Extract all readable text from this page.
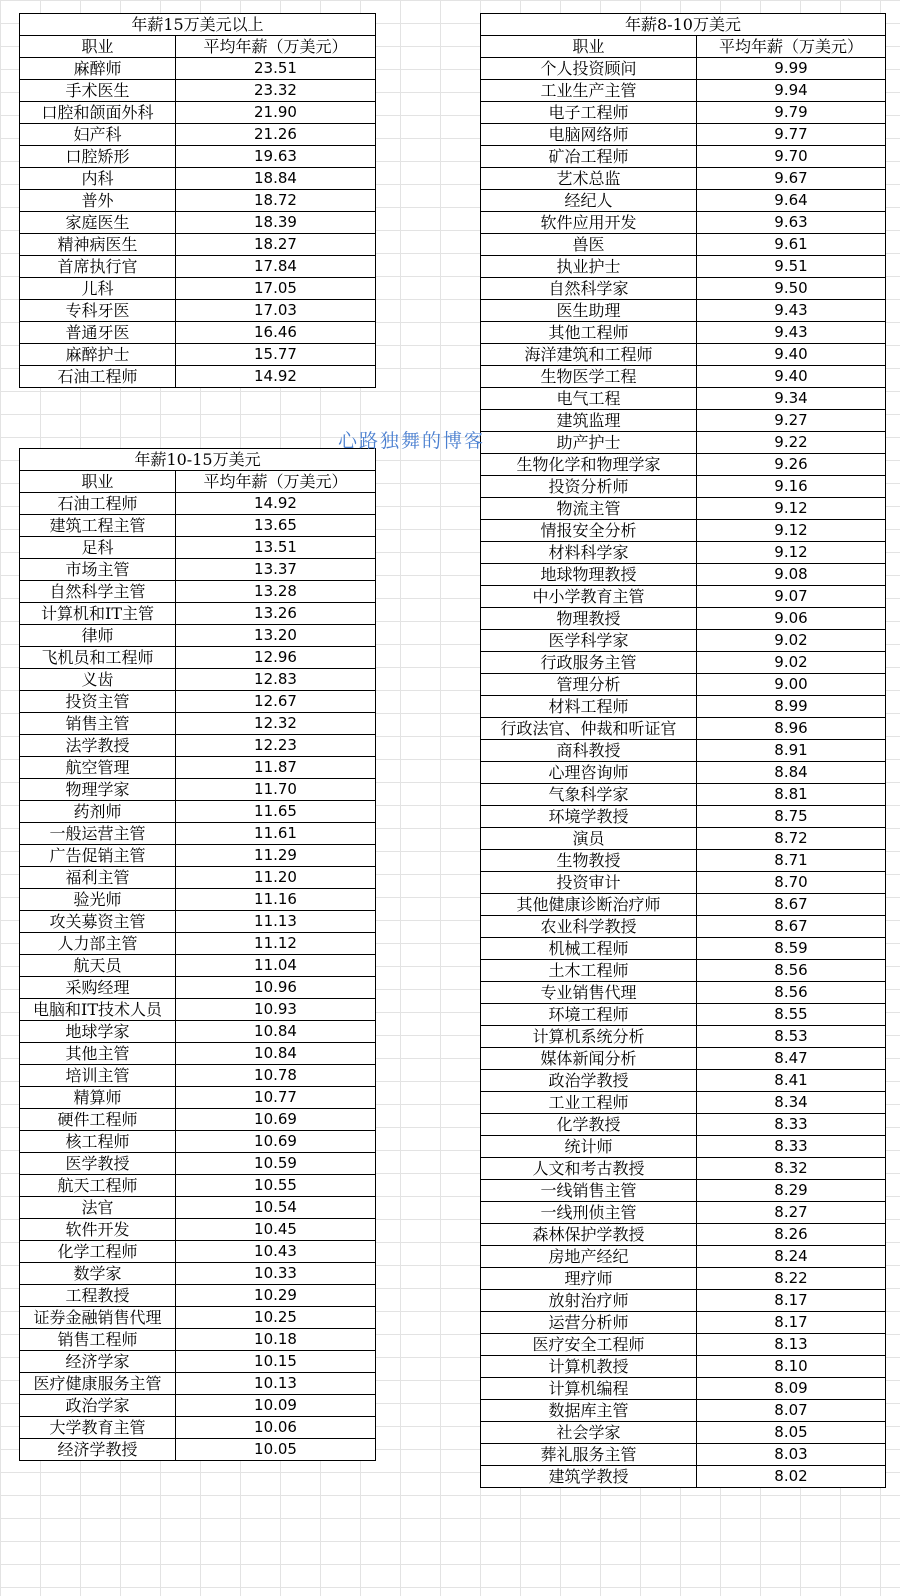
年薪15万美元以上	
职业	平均年薪（万美元）
麻醉师	23.51
手术医生	23.32
口腔和颌面外科	21.90
妇产科	21.26
口腔矫形	19.63
内科	18.84
普外	18.72
家庭医生	18.39
精神病医生	18.27
首席执行官	17.84
儿科	17.05
专科牙医	17.03
普通牙医	16.46
麻醉护士	15.77
石油工程师	14.92
年薪10-15万美元	
职业	平均年薪（万美元）
石油工程师	14.92
建筑工程主管	13.65
足科	13.51
市场主管	13.37
自然科学主管	13.28
计算机和IT主管	13.26
律师	13.20
飞机员和工程师	12.96
义齿	12.83
投资主管	12.67
销售主管	12.32
法学教授	12.23
航空管理	11.87
物理学家	11.70
药剂师	11.65
一般运营主管	11.61
广告促销主管	11.29
福利主管	11.20
验光师	11.16
攻关募资主管	11.13
人力部主管	11.12
航天员	11.04
采购经理	10.96
电脑和IT技术人员	10.93
地球学家	10.84
其他主管	10.84
培训主管	10.78
精算师	10.77
硬件工程师	10.69
核工程师	10.69
医学教授	10.59
航天工程师	10.55
法官	10.54
软件开发	10.45
化学工程师	10.43
数学家	10.33
工程教授	10.29
证券金融销售代理	10.25
销售工程师	10.18
经济学家	10.15
医疗健康服务主管	10.13
政治学家	10.09
大学教育主管	10.06
经济学教授	10.05
年薪8-10万美元	
职业	平均年薪（万美元）
个人投资顾问	9.99
工业生产主管	9.94
电子工程师	9.79
电脑网络师	9.77
矿冶工程师	9.70
艺术总监	9.67
经纪人	9.64
软件应用开发	9.63
兽医	9.61
执业护士	9.51
自然科学家	9.50
医生助理	9.43
其他工程师	9.43
海洋建筑和工程师	9.40
生物医学工程	9.40
电气工程	9.34
建筑监理	9.27
助产护士	9.22
生物化学和物理学家	9.26
投资分析师	9.16
物流主管	9.12
情报安全分析	9.12
材料科学家	9.12
地球物理教授	9.08
中小学教育主管	9.07
物理教授	9.06
医学科学家	9.02
行政服务主管	9.02
管理分析	9.00
材料工程师	8.99
行政法官、仲裁和听证官	8.96
商科教授	8.91
心理咨询师	8.84
气象科学家	8.81
环境学教授	8.75
演员	8.72
生物教授	8.71
投资审计	8.70
其他健康诊断治疗师	8.67
农业科学教授	8.67
机械工程师	8.59
土木工程师	8.56
专业销售代理	8.56
环境工程师	8.55
计算机系统分析	8.53
媒体新闻分析	8.47
政治学教授	8.41
工业工程师	8.34
化学教授	8.33
统计师	8.33
人文和考古教授	8.32
一线销售主管	8.29
一线刑侦主管	8.27
森林保护学教授	8.26
房地产经纪	8.24
理疗师	8.22
放射治疗师	8.17
运营分析师	8.17
医疗安全工程师	8.13
计算机教授	8.10
计算机编程	8.09
数据库主管	8.07
社会学家	8.05
葬礼服务主管	8.03
建筑学教授	8.02
心路独舞的博客
